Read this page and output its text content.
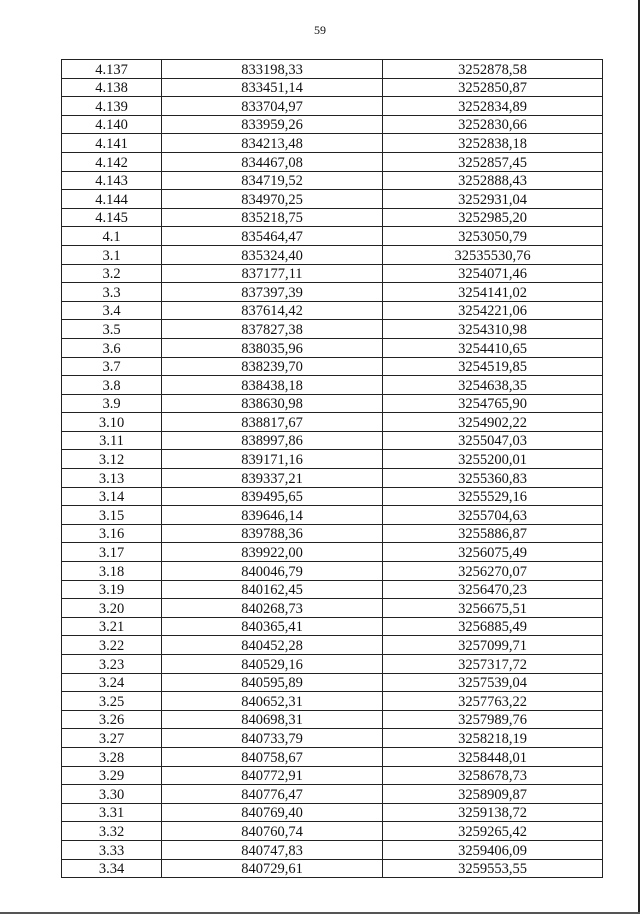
59
4.137	833198,33	3252878,58
4.138	833451,14	3252850,87
4.139	833704,97	3252834,89
4.140	833959,26	3252830,66
4.141	834213,48	3252838,18
4.142	834467,08	3252857,45
4.143	834719,52	3252888,43
4.144	834970,25	3252931,04
4.145	835218,75	3252985,20
4.1	835464,47	3253050,79
3.1	835324,40	32535530,76
3.2	837177,11	3254071,46
3.3	837397,39	3254141,02
3.4	837614,42	3254221,06
3.5	837827,38	3254310,98
3.6	838035,96	3254410,65
3.7	838239,70	3254519,85
3.8	838438,18	3254638,35
3.9	838630,98	3254765,90
3.10	838817,67	3254902,22
3.11	838997,86	3255047,03
3.12	839171,16	3255200,01
3.13	839337,21	3255360,83
3.14	839495,65	3255529,16
3.15	839646,14	3255704,63
3.16	839788,36	3255886,87
3.17	839922,00	3256075,49
3.18	840046,79	3256270,07
3.19	840162,45	3256470,23
3.20	840268,73	3256675,51
3.21	840365,41	3256885,49
3.22	840452,28	3257099,71
3.23	840529,16	3257317,72
3.24	840595,89	3257539,04
3.25	840652,31	3257763,22
3.26	840698,31	3257989,76
3.27	840733,79	3258218,19
3.28	840758,67	3258448,01
3.29	840772,91	3258678,73
3.30	840776,47	3258909,87
3.31	840769,40	3259138,72
3.32	840760,74	3259265,42
3.33	840747,83	3259406,09
3.34	840729,61	3259553,55
